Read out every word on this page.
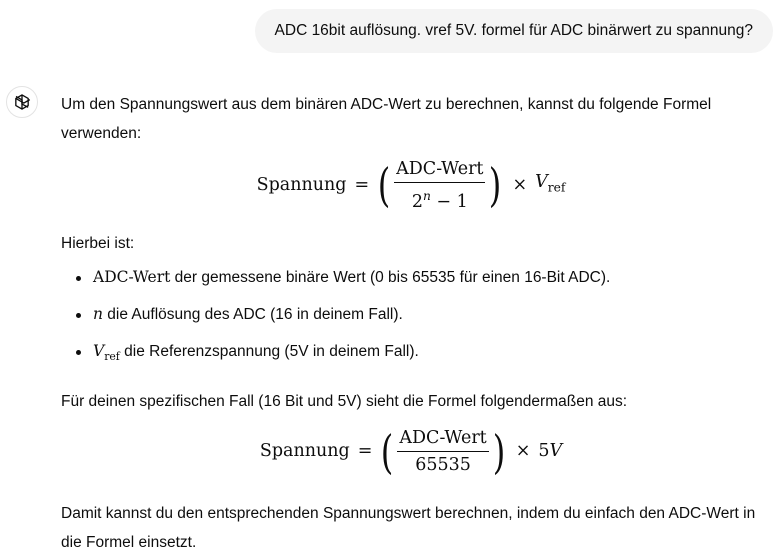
ADC 16bit auflösung. vref 5V. formel für ADC binärwert zu spannung?

Um den Spannungswert aus dem binären ADC-Wert zu berechnen, kannst du folgende Formel verwenden:

Spannung = ( $\frac{\text{ADC-Wert}}{2^n - 1}$ ) × $V_{ref}$

Hierbei ist:

ADC-Wert der gemessene binäre Wert (0 bis 65535 für einen 16-Bit ADC).
n die Auflösung des ADC (16 in deinem Fall).
$V_{ref}$ die Referenzspannung (5V in deinem Fall).

Für deinen spezifischen Fall (16 Bit und 5V) sieht die Formel folgendermaßen aus:

Spannung = ( $\frac{\text{ADC-Wert}}{65535}$ ) × 5V

Damit kannst du den entsprechenden Spannungswert berechnen, indem du einfach den ADC-Wert in die Formel einsetzt.
